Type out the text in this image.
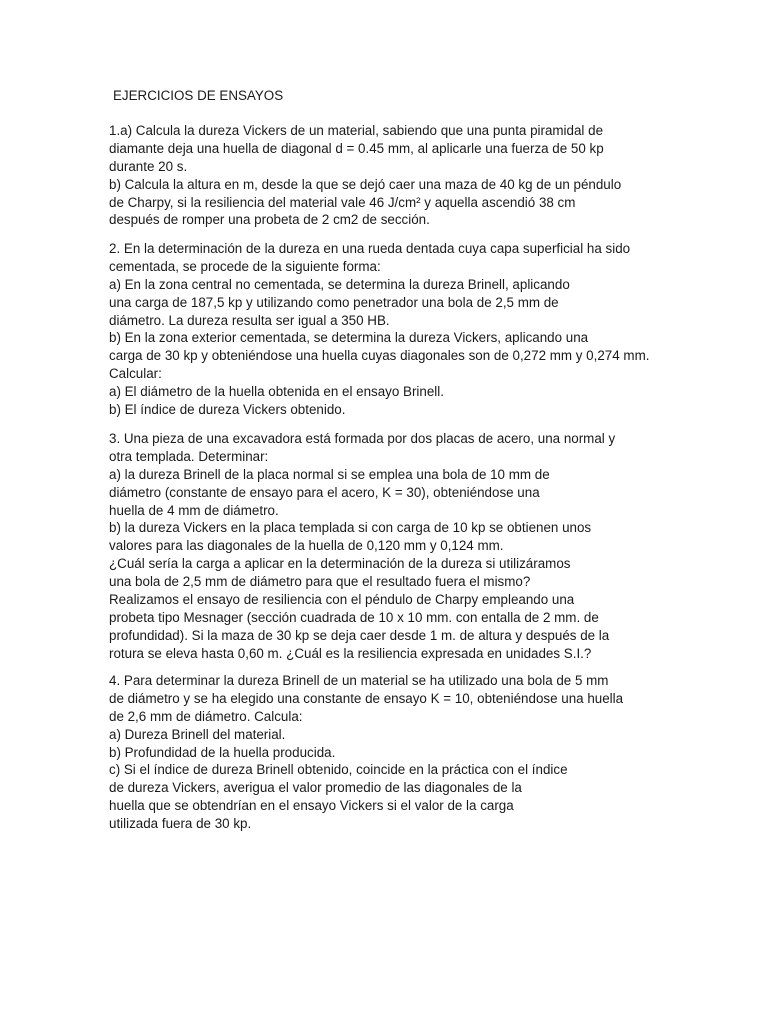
EJERCICIOS DE ENSAYOS
1.a) Calcula la dureza Vickers de un material, sabiendo que una punta piramidal de
diamante deja una huella de diagonal d = 0.45 mm, al aplicarle una fuerza de 50 kp
durante 20 s.
b) Calcula la altura en m, desde la que se dejó caer una maza de 40 kg de un péndulo
de Charpy, si la resiliencia del material vale 46 J/cm² y aquella ascendió 38 cm
después de romper una probeta de 2 cm2 de sección.
2. En la determinación de la dureza en una rueda dentada cuya capa superficial ha sido
cementada, se procede de la siguiente forma:
a) En la zona central no cementada, se determina la dureza Brinell, aplicando
una carga de 187,5 kp y utilizando como penetrador una bola de 2,5 mm de
diámetro. La dureza resulta ser igual a 350 HB.
b) En la zona exterior cementada, se determina la dureza Vickers, aplicando una
carga de 30 kp y obteniéndose una huella cuyas diagonales son de 0,272 mm y 0,274 mm.
Calcular:
a) El diámetro de la huella obtenida en el ensayo Brinell.
b) El índice de dureza Vickers obtenido.
3. Una pieza de una excavadora está formada por dos placas de acero, una normal y
otra templada. Determinar:
a) la dureza Brinell de la placa normal si se emplea una bola de 10 mm de
diámetro (constante de ensayo para el acero, K = 30), obteniéndose una
huella de 4 mm de diámetro.
b) la dureza Vickers en la placa templada si con carga de 10 kp se obtienen unos
valores para las diagonales de la huella de 0,120 mm y 0,124 mm.
¿Cuál sería la carga a aplicar en la determinación de la dureza si utilizáramos
una bola de 2,5 mm de diámetro para que el resultado fuera el mismo?
Realizamos el ensayo de resiliencia con el péndulo de Charpy empleando una
probeta tipo Mesnager (sección cuadrada de 10 x 10 mm. con entalla de 2 mm. de
profundidad). Si la maza de 30 kp se deja caer desde 1 m. de altura y después de la
rotura se eleva hasta 0,60 m. ¿Cuál es la resiliencia expresada en unidades S.I.?
4. Para determinar la dureza Brinell de un material se ha utilizado una bola de 5 mm
de diámetro y se ha elegido una constante de ensayo K = 10, obteniéndose una huella
de 2,6 mm de diámetro. Calcula:
a) Dureza Brinell del material.
b) Profundidad de la huella producida.
c) Si el índice de dureza Brinell obtenido, coincide en la práctica con el índice
de dureza Vickers, averigua el valor promedio de las diagonales de la
huella que se obtendrían en el ensayo Vickers si el valor de la carga
utilizada fuera de 30 kp.
